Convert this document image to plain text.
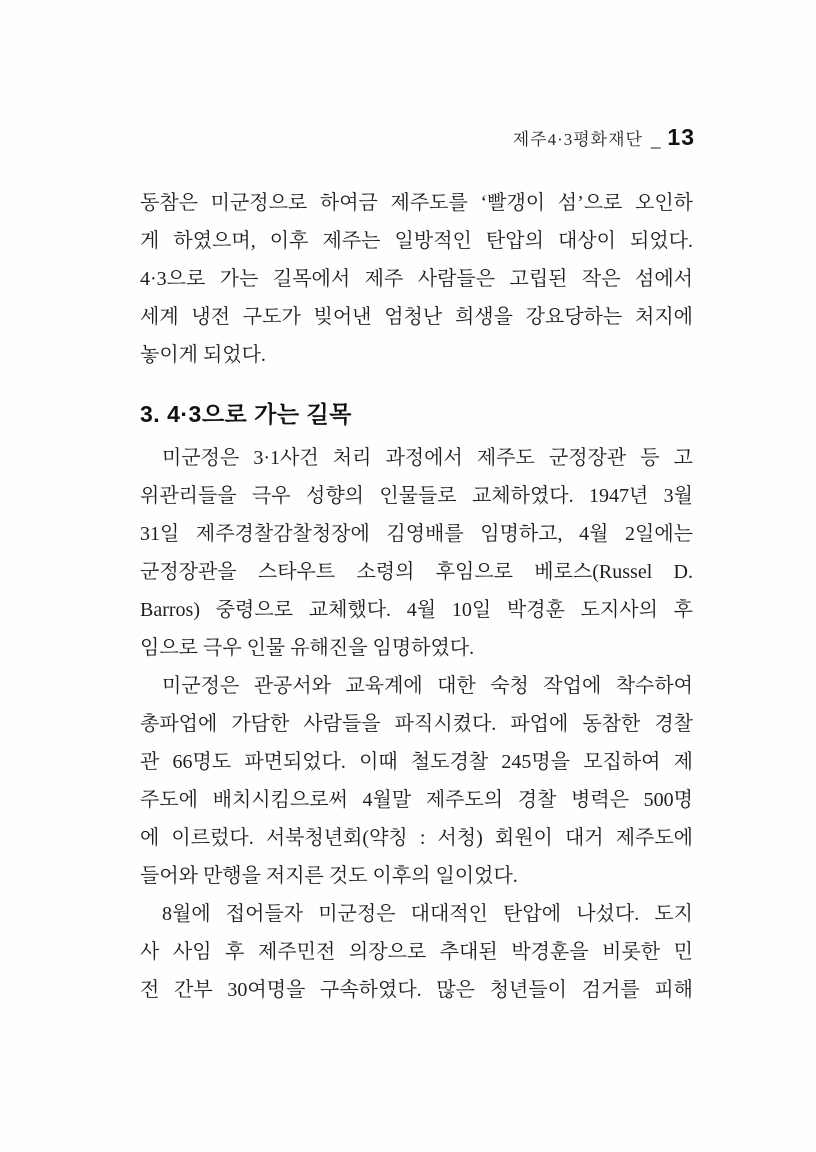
제주4·3평화재단 _ 13
동참은 미군정으로 하여금 제주도를 ‘빨갱이 섬’으로 오인하
게 하였으며, 이후 제주는 일방적인 탄압의 대상이 되었다.
4·3으로 가는 길목에서 제주 사람들은 고립된 작은 섬에서
세계 냉전 구도가 빚어낸 엄청난 희생을 강요당하는 처지에
놓이게 되었다.
3. 4·3으로 가는 길목
미군정은 3·1사건 처리 과정에서 제주도 군정장관 등 고
위관리들을 극우 성향의 인물들로 교체하였다. 1947년 3월
31일 제주경찰감찰청장에 김영배를 임명하고, 4월 2일에는
군정장관을 스타우트 소령의 후임으로 베로스(Russel D.
Barros) 중령으로 교체했다. 4월 10일 박경훈 도지사의 후
임으로 극우 인물 유해진을 임명하였다.
미군정은 관공서와 교육계에 대한 숙청 작업에 착수하여
총파업에 가담한 사람들을 파직시켰다. 파업에 동참한 경찰
관 66명도 파면되었다. 이때 철도경찰 245명을 모집하여 제
주도에 배치시킴으로써 4월말 제주도의 경찰 병력은 500명
에 이르렀다. 서북청년회(약칭 : 서청) 회원이 대거 제주도에
들어와 만행을 저지른 것도 이후의 일이었다.
8월에 접어들자 미군정은 대대적인 탄압에 나섰다. 도지
사 사임 후 제주민전 의장으로 추대된 박경훈을 비롯한 민
전 간부 30여명을 구속하였다. 많은 청년들이 검거를 피해
